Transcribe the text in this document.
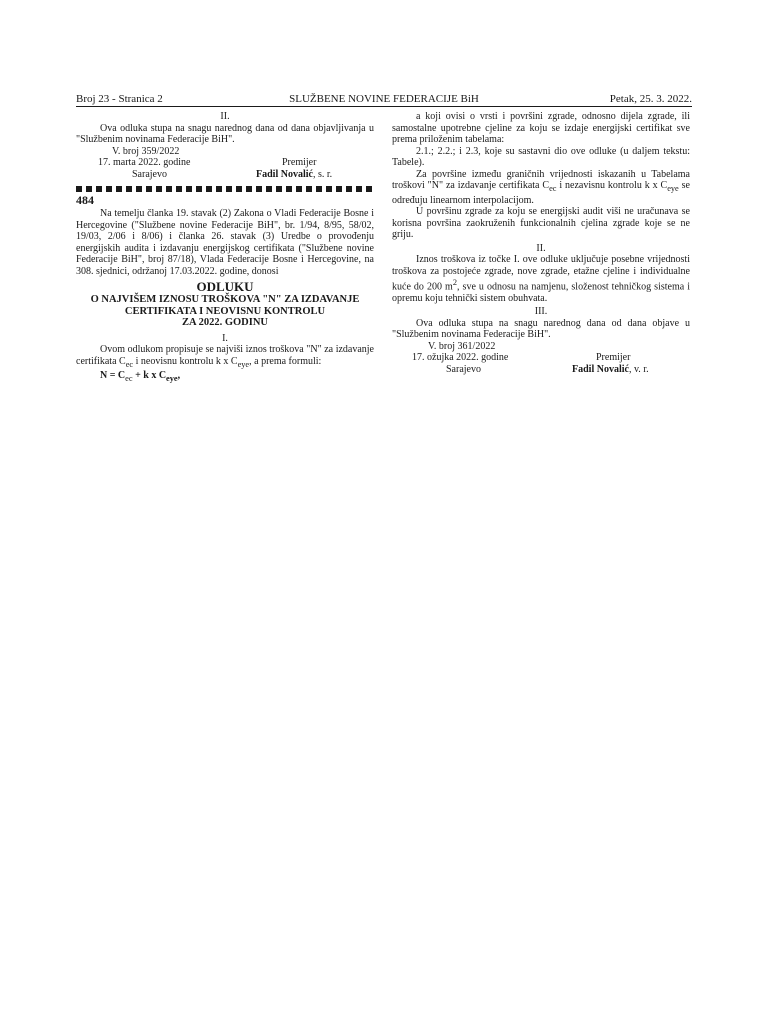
Broj 23 - Stranica 2	SLUŽBENE NOVINE FEDERACIJE BiH	Petak, 25. 3. 2022.

II.

Ova odluka stupa na snagu narednog dana od dana objavljivanja u "Službenim novinama Federacije BiH".

V. broj 359/2022

17. marta 2022. godine	Premijer
Sarajevo	Fadil Novalić, s. r.
484

Na temelju članka 19. stavak (2) Zakona o Vladi Federacije Bosne i Hercegovine ("Službene novine Federacije BiH", br. 1/94, 8/95, 58/02, 19/03, 2/06 i 8/06) i članka 26. stavak (3) Uredbe o provođenju energijskih audita i izdavanju energijskog certifikata ("Službene novine Federacije BiH", broj 87/18), Vlada Federacije Bosne i Hercegovine, na 308. sjednici, održanoj 17.03.2022. godine, donosi

ODLUKU
O NAJVIŠEM IZNOSU TROŠKOVA "N" ZA IZDAVANJE
CERTIFIKATA I NEOVISNU KONTROLU
ZA 2022. GODINU

I.

Ovom odlukom propisuje se najviši iznos troškova "N" za izdavanje certifikata $C_{ec}$ i neovisnu kontrolu k x $C_{eye}$, a prema formuli:

$N = C_{ec} + k$ x $C_{eye}$,

a koji ovisi o vrsti i površini zgrade, odnosno dijela zgrade, ili samostalne upotrebne cjeline za koju se izdaje energijski certifikat sve prema priloženim tabelama:

2.1.; 2.2.; i 2.3, koje su sastavni dio ove odluke (u daljem tekstu: Tabele).

Za površine između graničnih vrijednosti iskazanih u Tabelama troškovi "N" za izdavanje certifikata $C_{ec}$ i nezavisnu kontrolu k x $C_{eye}$ se određuju linearnom interpolacijom.

U površinu zgrade za koju se energijski audit viši ne uračunava se korisna površina zaokruženih funkcionalnih cjelina zgrade koje se ne griju.

II.

Iznos troškova iz točke I. ove odluke uključuje posebne vrijednosti troškova za postojeće zgrade, nove zgrade, etažne cjeline i individualne kuće do 200 $m^2$, sve u odnosu na namjenu, složenost tehničkog sistema i opremu koju tehnički sistem obuhvata.

III.

Ova odluka stupa na snagu narednog dana od dana objave u "Službenim novinama Federacije BiH".

V. broj 361/2022

17. ožujka 2022. godine	Premijer
Sarajevo	Fadil Novalić, v. r.
